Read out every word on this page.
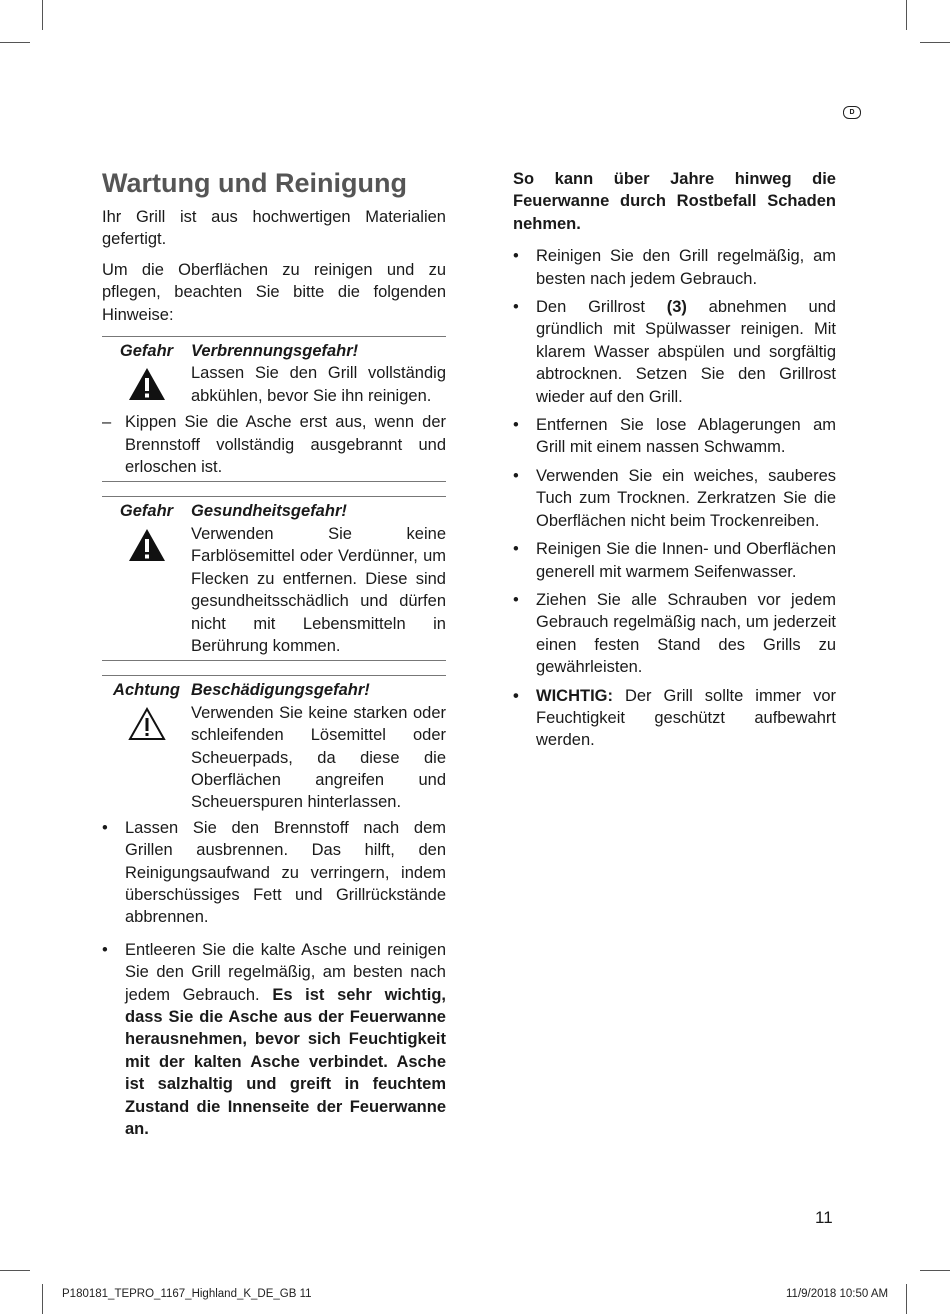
D
Wartung und Reinigung

Ihr Grill ist aus hochwertigen Materialien gefertigt.

Um die Oberflächen zu reinigen und zu pflegen, beachten Sie bitte die folgenden Hinweise:

Gefahr	Verbrennungsgefahr!
Lassen Sie den Grill vollständig abkühlen, bevor Sie ihn reinigen.
– Kippen Sie die Asche erst aus, wenn der Brennstoff vollständig ausgebrannt und erloschen ist.
Gefahr	Gesundheitsgefahr!
Verwenden Sie keine Farblösemittel oder Verdünner, um Flecken zu entfernen. Diese sind gesundheitsschädlich und dürfen nicht mit Lebensmitteln in Berührung kommen.
Achtung Beschädigungsgefahr!
Verwenden Sie keine starken oder schleifenden Lösemittel oder Scheuerpads, da diese die Oberflächen angreifen und Scheuerspuren hinterlassen.
•	Lassen Sie den Brennstoff nach dem Grillen ausbrennen. Das hilft, den Reinigungsaufwand zu verringern, indem überschüssiges Fett und Grillrückstände abbrennen.
•	Entleeren Sie die kalte Asche und reinigen Sie den Grill regelmäßig, am besten nach jedem Gebrauch. Es ist sehr wichtig, dass Sie die Asche aus der Feuerwanne herausnehmen, bevor sich Feuchtigkeit mit der kalten Asche verbindet. Asche ist salzhaltig und greift in feuchtem Zustand die Innenseite der Feuerwanne an.

So kann über Jahre hinweg die Feuerwanne durch Rostbefall Schaden nehmen.

•	Reinigen Sie den Grill regelmäßig, am besten nach jedem Gebrauch.
•	Den Grillrost (3) abnehmen und gründlich mit Spülwasser reinigen. Mit klarem Wasser abspülen und sorgfältig abtrocknen. Setzen Sie den Grillrost wieder auf den Grill.
•	Entfernen Sie lose Ablagerungen am Grill mit einem nassen Schwamm.
•	Verwenden Sie ein weiches, sauberes Tuch zum Trocknen. Zerkratzen Sie die Oberflächen nicht beim Trockenreiben.
•	Reinigen Sie die Innen- und Oberflächen generell mit warmem Seifenwasser.
•	Ziehen Sie alle Schrauben vor jedem Gebrauch regelmäßig nach, um jederzeit einen festen Stand des Grills zu gewährleisten.
•	WICHTIG: Der Grill sollte immer vor Feuchtigkeit geschützt aufbewahrt werden.
11
P180181_TEPRO_1167_Highland_K_DE_GB 11	11/9/2018 10:50 AM
